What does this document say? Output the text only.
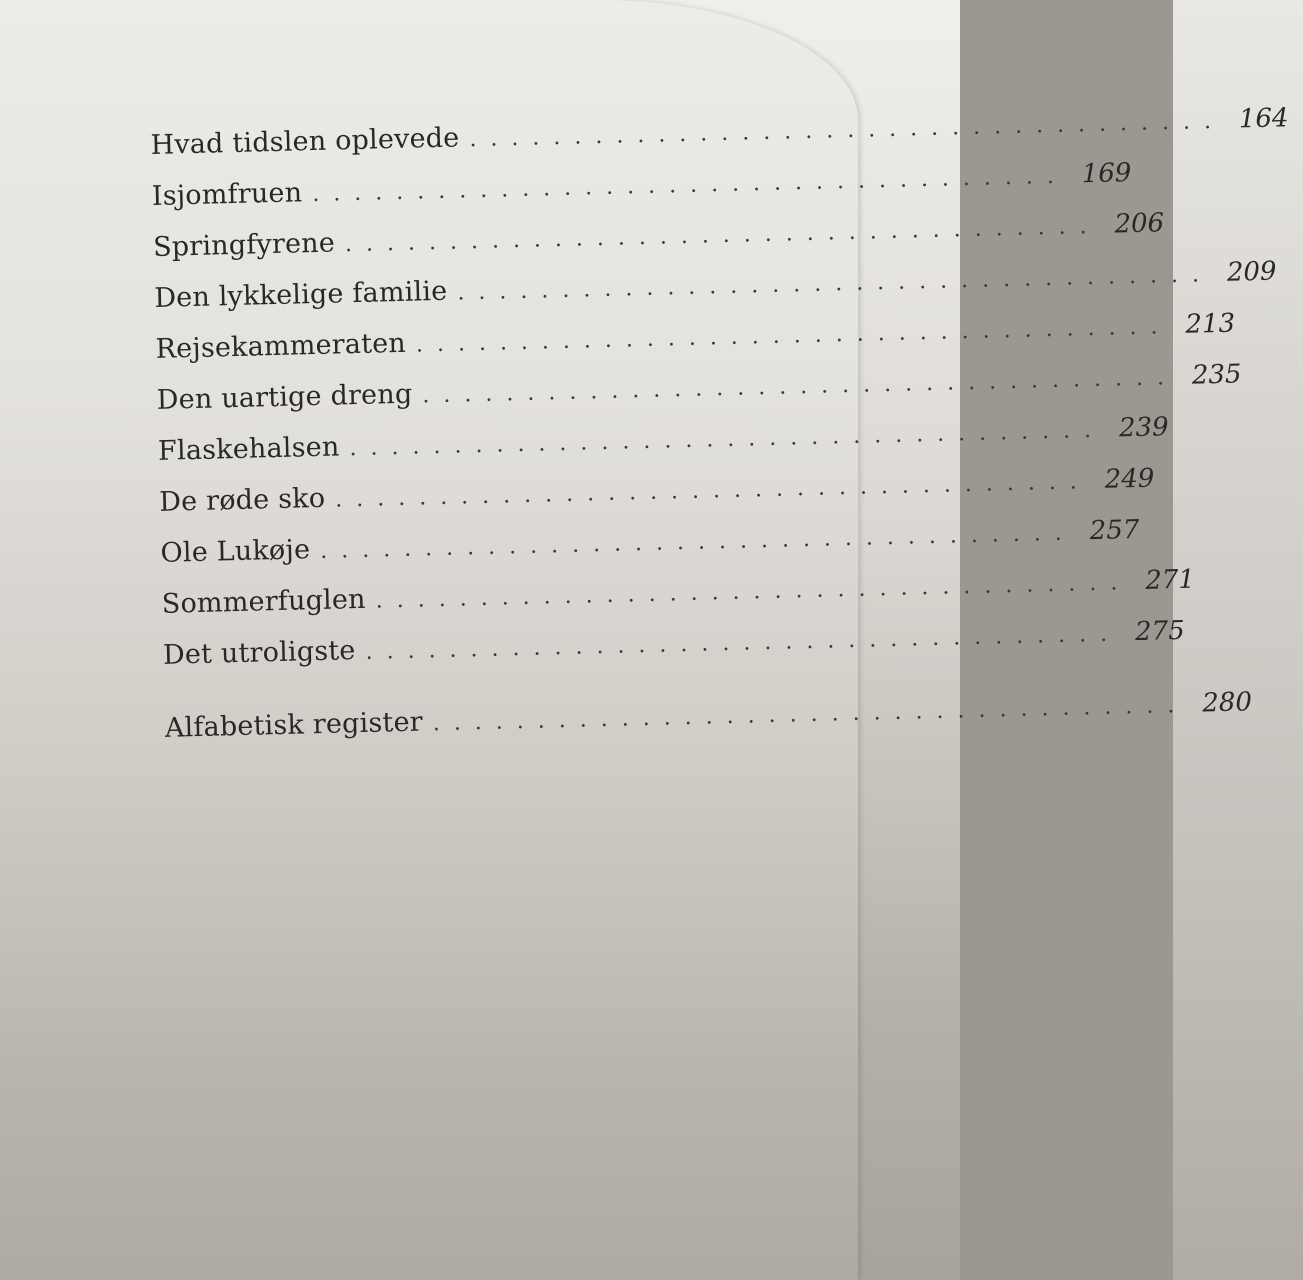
Hvad tidslen oplevede .................................... 164
Isjomfruen .................................... 169
Springfyrene .................................... 206
Den lykkelige familie .................................... 209
Rejsekammeraten .................................... 213
Den uartige dreng .................................... 235
Flaskehalsen .................................... 239
De røde sko .................................... 249
Ole Lukøje .................................... 257
Sommerfuglen .................................... 271
Det utroligste .................................... 275
Alfabetisk register .................................... 280
